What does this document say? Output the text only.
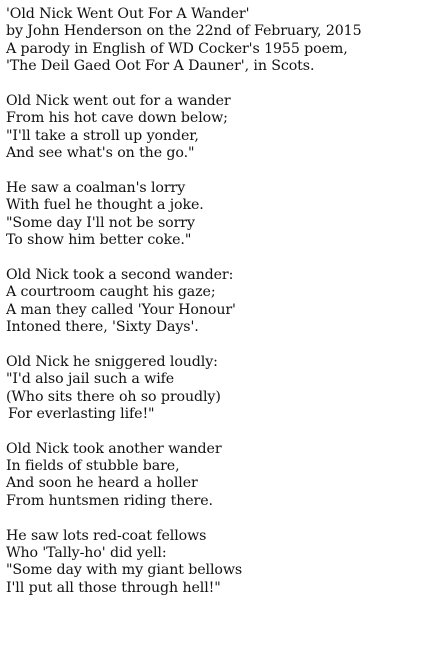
'Old Nick Went Out For A Wander'
by John Henderson on the 22nd of February, 2015
A parody in English of WD Cocker's 1955 poem,
'The Deil Gaed Oot For A Dauner', in Scots.
Old Nick went out for a wander
From his hot cave down below;
"I'll take a stroll up yonder,
And see what's on the go."
He saw a coalman's lorry
With fuel he thought a joke.
"Some day I'll not be sorry
To show him better coke."
Old Nick took a second wander:
A courtroom caught his gaze;
A man they called 'Your Honour'
Intoned there, 'Sixty Days'.
Old Nick he sniggered loudly:
"I'd also jail such a wife
(Who sits there oh so proudly)
For everlasting life!"
Old Nick took another wander
In fields of stubble bare,
And soon he heard a holler
From huntsmen riding there.
He saw lots red-coat fellows
Who 'Tally-ho' did yell:
"Some day with my giant bellows
I'll put all those through hell!"
